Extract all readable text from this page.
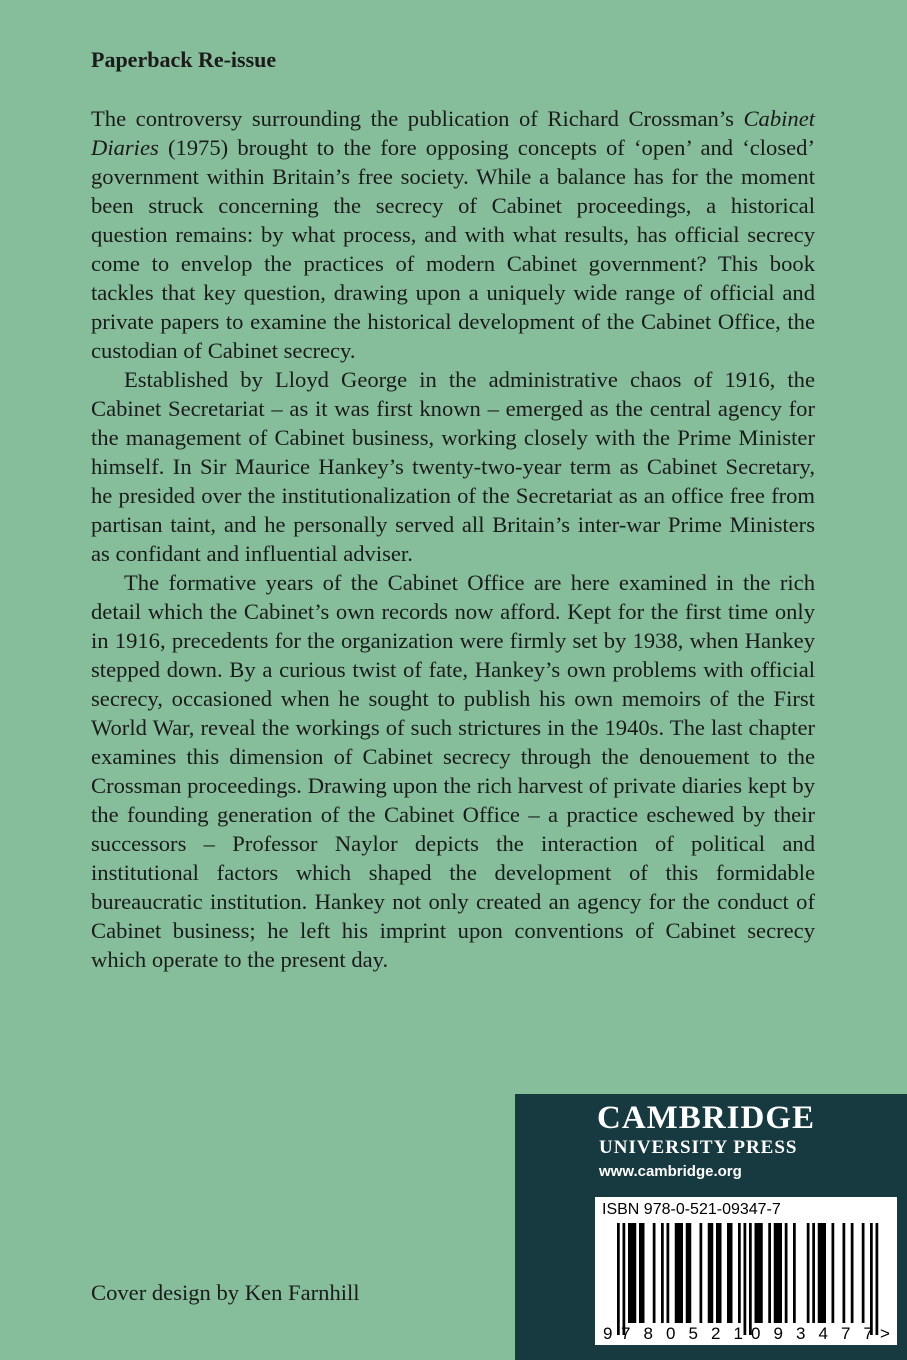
Paperback Re-issue

The controversy surrounding the publication of Richard Crossman’s Cabinet Diaries (1975) brought to the fore opposing concepts of ‘open’ and ‘closed’ government within Britain’s free society. While a balance has for the moment been struck concerning the secrecy of Cabinet proceedings, a historical question remains: by what process, and with what results, has official secrecy come to envelop the practices of modern Cabinet government? This book tackles that key question, drawing upon a uniquely wide range of official and private papers to examine the historical development of the Cabinet Office, the custodian of Cabinet secrecy.

Established by Lloyd George in the administrative chaos of 1916, the Cabinet Secretariat – as it was first known – emerged as the central agency for the management of Cabinet business, working closely with the Prime Minister himself. In Sir Maurice Hankey’s twenty-two-year term as Cabinet Secretary, he presided over the institutionalization of the Secretariat as an office free from partisan taint, and he personally served all Britain’s inter-war Prime Ministers as confidant and influential adviser.

The formative years of the Cabinet Office are here examined in the rich detail which the Cabinet’s own records now afford. Kept for the first time only in 1916, precedents for the organization were firmly set by 1938, when Hankey stepped down. By a curious twist of fate, Hankey’s own problems with official secrecy, occasioned when he sought to publish his own memoirs of the First World War, reveal the workings of such strictures in the 1940s. The last chapter examines this dimension of Cabinet secrecy through the denouement to the Crossman proceedings. Drawing upon the rich harvest of private diaries kept by the founding generation of the Cabinet Office – a practice eschewed by their successors – Professor Naylor depicts the interaction of political and institutional factors which shaped the development of this formidable bureaucratic institution. Hankey not only created an agency for the conduct of Cabinet business; he left his imprint upon conventions of Cabinet secrecy which operate to the present day.

Cover design by Ken Farnhill
CAMBRIDGE
UNIVERSITY PRESS
www.cambridge.org
ISBN 978-0-521-09347-7
9 780521 093477 >
